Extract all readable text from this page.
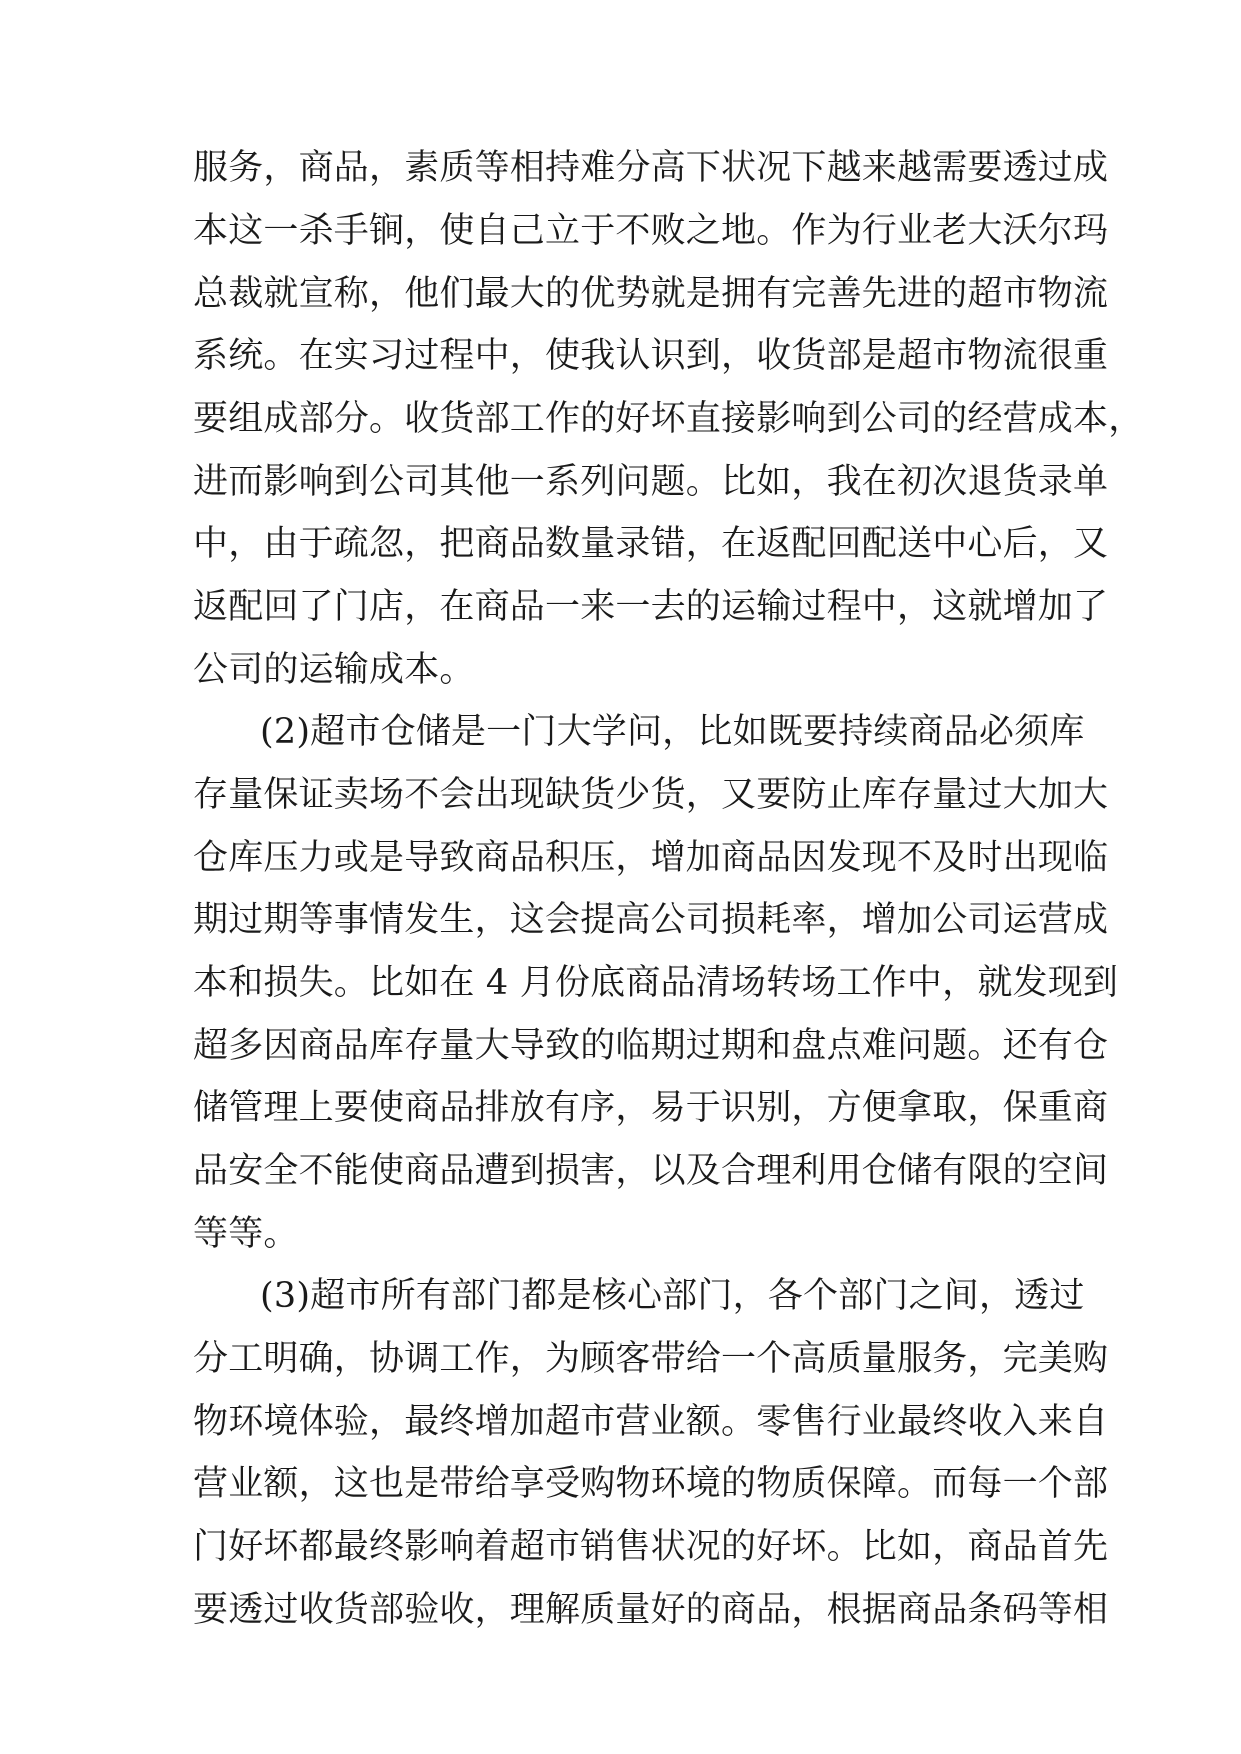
服务，商品，素质等相持难分高下状况下越来越需要透过成
本这一杀手锏，使自己立于不败之地。作为行业老大沃尔玛
总裁就宣称，他们最大的优势就是拥有完善先进的超市物流
系统。在实习过程中，使我认识到，收货部是超市物流很重
要组成部分。收货部工作的好坏直接影响到公司的经营成本，
进而影响到公司其他一系列问题。比如，我在初次退货录单
中，由于疏忽，把商品数量录错，在返配回配送中心后，又
返配回了门店，在商品一来一去的运输过程中，这就增加了
公司的运输成本。
(2)超市仓储是一门大学问，比如既要持续商品必须库
存量保证卖场不会出现缺货少货，又要防止库存量过大加大
仓库压力或是导致商品积压，增加商品因发现不及时出现临
期过期等事情发生，这会提高公司损耗率，增加公司运营成
本和损失。比如在 4 月份底商品清场转场工作中，就发现到
超多因商品库存量大导致的临期过期和盘点难问题。还有仓
储管理上要使商品排放有序，易于识别，方便拿取，保重商
品安全不能使商品遭到损害，以及合理利用仓储有限的空间
等等。
(3)超市所有部门都是核心部门，各个部门之间，透过
分工明确，协调工作，为顾客带给一个高质量服务，完美购
物环境体验，最终增加超市营业额。零售行业最终收入来自
营业额，这也是带给享受购物环境的物质保障。而每一个部
门好坏都最终影响着超市销售状况的好坏。比如，商品首先
要透过收货部验收，理解质量好的商品，根据商品条码等相
